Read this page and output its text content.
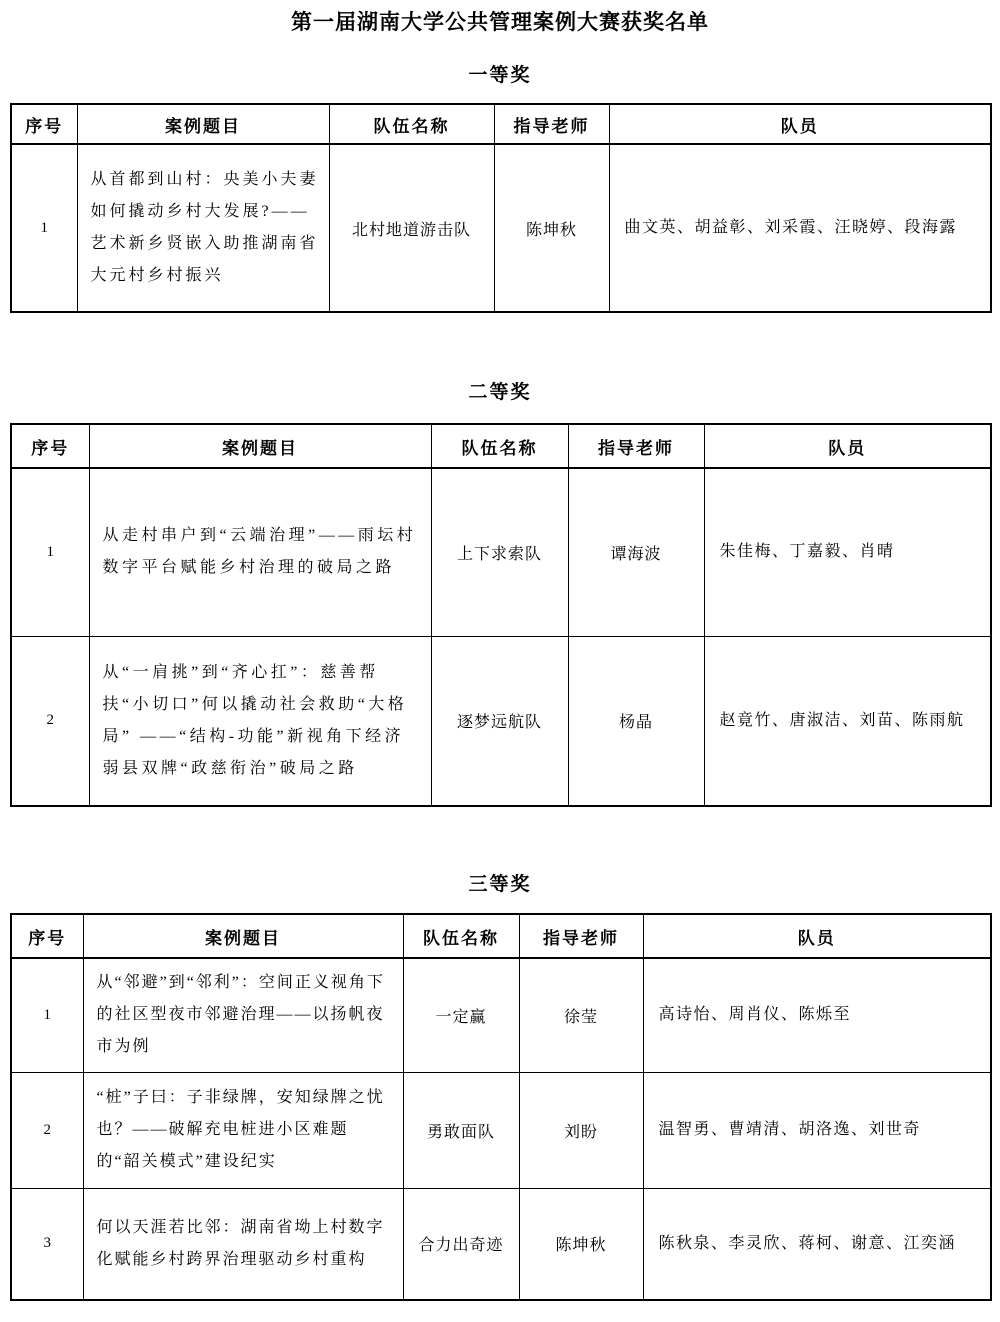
第一届湖南大学公共管理案例大赛获奖名单
一等奖
序号	案例题目	队伍名称	指导老师	队员
1	从首都到山村：央美小夫妻如何撬动乡村大发展?——艺术新乡贤嵌入助推湖南省大元村乡村振兴	北村地道游击队	陈坤秋	曲文英、胡益彰、刘采霞、汪晓婷、段海露
二等奖
序号	案例题目	队伍名称	指导老师	队员
1	从走村串户到“云端治理”——雨坛村数字平台赋能乡村治理的破局之路	上下求索队	谭海波	朱佳梅、丁嘉毅、肖晴
2	从“一肩挑”到“齐心扛”：慈善帮扶“小切口”何以撬动社会救助“大格局” ——“结构-功能”新视角下经济弱县双牌“政慈衔治”破局之路	逐梦远航队	杨晶	赵竟竹、唐淑洁、刘苗、陈雨航
三等奖
序号	案例题目	队伍名称	指导老师	队员
1	从“邻避”到“邻利”：空间正义视角下的社区型夜市邻避治理——以扬帆夜市为例	一定赢	徐莹	高诗怡、周肖仪、陈烁至
2	“桩”子曰：子非绿牌，安知绿牌之忧也？——破解充电桩进小区难题的“韶关模式”建设纪实	勇敢面队	刘盼	温智勇、曹靖清、胡洛逸、刘世奇
3	何以天涯若比邻：湖南省坳上村数字化赋能乡村跨界治理驱动乡村重构	合力出奇迹	陈坤秋	陈秋泉、李灵欣、蒋柯、谢意、江奕涵
